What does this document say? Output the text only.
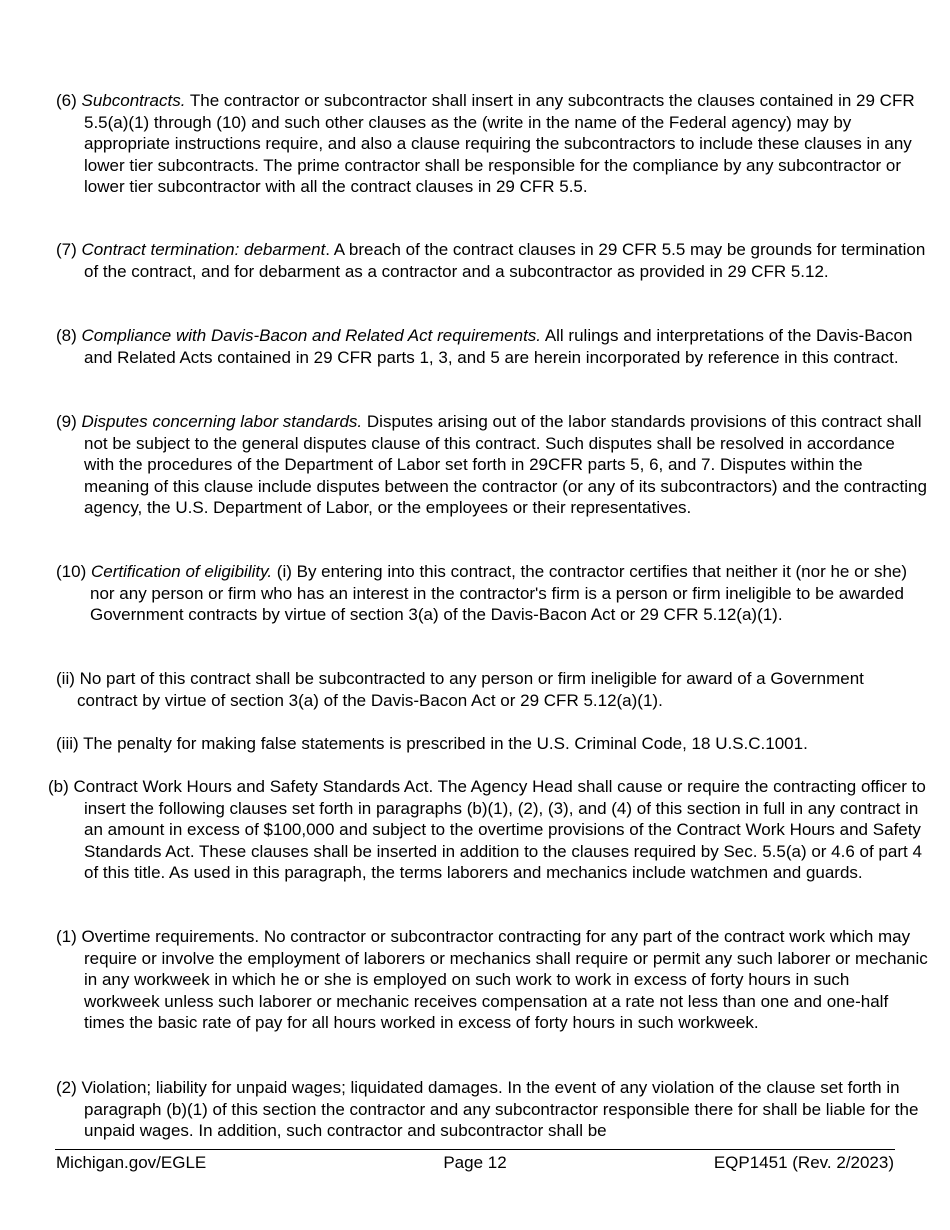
(6) Subcontracts. The contractor or subcontractor shall insert in any subcontracts the clauses contained in 29 CFR 5.5(a)(1) through (10) and such other clauses as the (write in the name of the Federal agency) may by appropriate instructions require, and also a clause requiring the subcontractors to include these clauses in any lower tier subcontracts. The prime contractor shall be responsible for the compliance by any subcontractor or lower tier subcontractor with all the contract clauses in 29 CFR 5.5.

(7) Contract termination: debarment. A breach of the contract clauses in 29 CFR 5.5 may be grounds for termination of the contract, and for debarment as a contractor and a subcontractor as provided in 29 CFR 5.12.

(8) Compliance with Davis-Bacon and Related Act requirements. All rulings and interpretations of the Davis-Bacon and Related Acts contained in 29 CFR parts 1, 3, and 5 are herein incorporated by reference in this contract.

(9) Disputes concerning labor standards. Disputes arising out of the labor standards provisions of this contract shall not be subject to the general disputes clause of this contract. Such disputes shall be resolved in accordance with the procedures of the Department of Labor set forth in 29CFR parts 5, 6, and 7. Disputes within the meaning of this clause include disputes between the contractor (or any of its subcontractors) and the contracting agency, the U.S. Department of Labor, or the employees or their representatives.

(10) Certification of eligibility. (i) By entering into this contract, the contractor certifies that neither it (nor he or she) nor any person or firm who has an interest in the contractor's firm is a person or firm ineligible to be awarded Government contracts by virtue of section 3(a) of the Davis-Bacon Act or 29 CFR 5.12(a)(1).

(ii) No part of this contract shall be subcontracted to any person or firm ineligible for award of a Government contract by virtue of section 3(a) of the Davis-Bacon Act or 29 CFR 5.12(a)(1).

(iii) The penalty for making false statements is prescribed in the U.S. Criminal Code, 18 U.S.C.1001.

(b) Contract Work Hours and Safety Standards Act. The Agency Head shall cause or require the contracting officer to insert the following clauses set forth in paragraphs (b)(1), (2), (3), and (4) of this section in full in any contract in an amount in excess of $100,000 and subject to the overtime provisions of the Contract Work Hours and Safety Standards Act. These clauses shall be inserted in addition to the clauses required by Sec. 5.5(a) or 4.6 of part 4 of this title. As used in this paragraph, the terms laborers and mechanics include watchmen and guards.

(1) Overtime requirements. No contractor or subcontractor contracting for any part of the contract work which may require or involve the employment of laborers or mechanics shall require or permit any such laborer or mechanic in any workweek in which he or she is employed on such work to work in excess of forty hours in such workweek unless such laborer or mechanic receives compensation at a rate not less than one and one-half times the basic rate of pay for all hours worked in excess of forty hours in such workweek.

(2) Violation; liability for unpaid wages; liquidated damages. In the event of any violation of the clause set forth in paragraph (b)(1) of this section the contractor and any subcontractor responsible there for shall be liable for the unpaid wages. In addition, such contractor and subcontractor shall be

Michigan.gov/EGLE	Page 12	EQP1451 (Rev. 2/2023)
